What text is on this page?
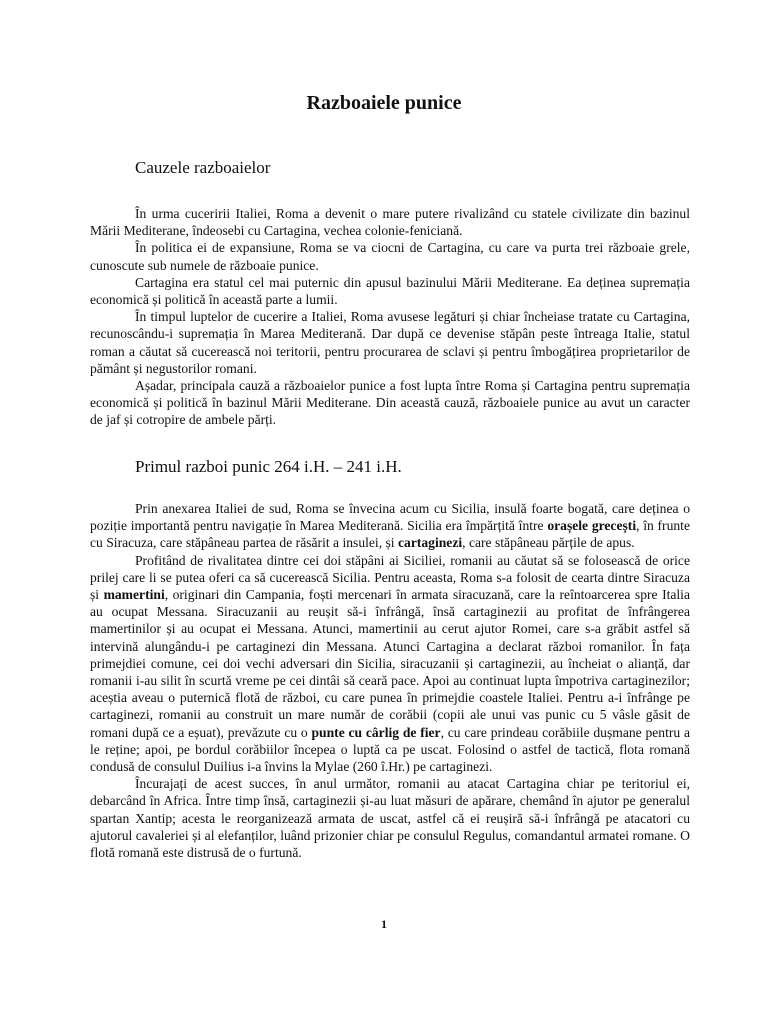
Razboaiele punice
Cauzele razboaielor

În urma cuceririi Italiei, Roma a devenit o mare putere rivalizând cu statele civilizate din bazinul Mării Mediterane, îndeosebi cu Cartagina, vechea colonie-feniciană.

În politica ei de expansiune, Roma se va ciocni de Cartagina, cu care va purta trei războaie grele, cunoscute sub numele de războaie punice.

Cartagina era statul cel mai puternic din apusul bazinului Mării Mediterane. Ea deținea supremația economică și politică în această parte a lumii.

În timpul luptelor de cucerire a Italiei, Roma avusese legături și chiar încheiase tratate cu Cartagina, recunoscându-i supremația în Marea Mediterană. Dar după ce devenise stăpân peste întreaga Italie, statul roman a căutat să cucerească noi teritorii, pentru procurarea de sclavi și pentru îmbogățirea proprietarilor de pământ și negustorilor romani.

Așadar, principala cauză a războaielor punice a fost lupta între Roma și Cartagina pentru supremația economică și politică în bazinul Mării Mediterane. Din această cauză, războaiele punice au avut un caracter de jaf și cotropire de ambele părți.

Primul razboi punic 264 i.H. – 241 i.H.

Prin anexarea Italiei de sud, Roma se învecina acum cu Sicilia, insulă foarte bogată, care deținea o poziție importantă pentru navigație în Marea Mediterană. Sicilia era împărțită între orașele grecești, în frunte cu Siracuza, care stăpâneau partea de răsărit a insulei, și cartaginezi, care stăpâneau părțile de apus.

Profitând de rivalitatea dintre cei doi stăpâni ai Siciliei, romanii au căutat să se folosească de orice prilej care li se putea oferi ca să cucerească Sicilia. Pentru aceasta, Roma s-a folosit de cearta dintre Siracuza și mamertini, originari din Campania, foști mercenari în armata siracuzană, care la reîntoarcerea spre Italia au ocupat Messana. Siracuzanii au reușit să-i înfrângă, însă cartaginezii au profitat de înfrângerea mamertinilor și au ocupat ei Messana. Atunci, mamertinii au cerut ajutor Romei, care s-a grăbit astfel să intervină alungându-i pe cartaginezi din Messana. Atunci Cartagina a declarat război romanilor. În fața primejdiei comune, cei doi vechi adversari din Sicilia, siracuzanii și cartaginezii, au încheiat o alianță, dar romanii i-au silit în scurtă vreme pe cei dintâi să ceară pace. Apoi au continuat lupta împotriva cartaginezilor; aceștia aveau o puternică flotă de război, cu care punea în primejdie coastele Italiei. Pentru a-i înfrânge pe cartaginezi, romanii au construit un mare număr de corăbii (copii ale unui vas punic cu 5 vâsle găsit de romani după ce a eșuat), prevăzute cu o punte cu cârlig de fier, cu care prindeau corăbiile dușmane pentru a le reține; apoi, pe bordul corăbiilor începea o luptă ca pe uscat. Folosind o astfel de tactică, flota romană condusă de consulul Duilius i-a învins la Mylae (260 î.Hr.) pe cartaginezi.

Încurajați de acest succes, în anul următor, romanii au atacat Cartagina chiar pe teritoriul ei, debarcând în Africa. Între timp însă, cartaginezii și-au luat măsuri de apărare, chemând în ajutor pe generalul spartan Xantip; acesta le reorganizează armata de uscat, astfel că ei reușiră să-i înfrângă pe atacatori cu ajutorul cavaleriei și al elefanților, luând prizonier chiar pe consulul Regulus, comandantul armatei romane. O flotă romană este distrusă de o furtună.

1
